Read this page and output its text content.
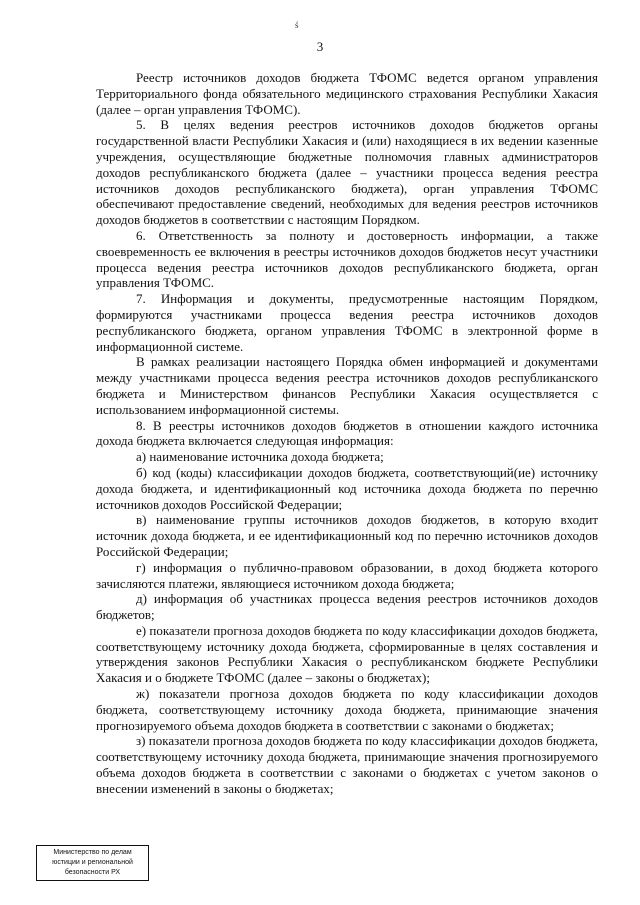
ś
3

Реестр источников доходов бюджета ТФОМС ведется органом управления Территориального фонда обязательного медицинского страхования Республики Хакасия (далее – орган управления ТФОМС).

5. В целях ведения реестров источников доходов бюджетов органы государственной власти Республики Хакасия и (или) находящиеся в их ведении казенные учреждения, осуществляющие бюджетные полномочия главных администраторов доходов республиканского бюджета (далее – участники процесса ведения реестра источников доходов республиканского бюджета), орган управления ТФОМС обеспечивают предоставление сведений, необходимых для ведения реестров источников доходов бюджетов в соответствии с настоящим Порядком.

6. Ответственность за полноту и достоверность информации, а также своевременность ее включения в реестры источников доходов бюджетов несут участники процесса ведения реестра источников доходов республиканского бюджета, орган управления ТФОМС.

7. Информация и документы, предусмотренные настоящим Порядком, формируются участниками процесса ведения реестра источников доходов республиканского бюджета, органом управления ТФОМС в электронной форме в информационной системе.

В рамках реализации настоящего Порядка обмен информацией и документами между участниками процесса ведения реестра источников доходов республиканского бюджета и Министерством финансов Республики Хакасия осуществляется с использованием информационной системы.

8. В реестры источников доходов бюджетов в отношении каждого источника дохода бюджета включается следующая информация:

а) наименование источника дохода бюджета;

б) код (коды) классификации доходов бюджета, соответствующий(ие) источнику дохода бюджета, и идентификационный код источника дохода бюджета по перечню источников доходов Российской Федерации;

в) наименование группы источников доходов бюджетов, в которую входит источник дохода бюджета, и ее идентификационный код по перечню источников доходов Российской Федерации;

г) информация о публично-правовом образовании, в доход бюджета которого зачисляются платежи, являющиеся источником дохода бюджета;

д) информация об участниках процесса ведения реестров источников доходов бюджетов;

е) показатели прогноза доходов бюджета по коду классификации доходов бюджета, соответствующему источнику дохода бюджета, сформированные в целях составления и утверждения законов Республики Хакасия о республиканском бюджете Республики Хакасия и о бюджете ТФОМС (далее – законы о бюджетах);

ж) показатели прогноза доходов бюджета по коду классификации доходов бюджета, соответствующему источнику дохода бюджета, принимающие значения прогнозируемого объема доходов бюджета в соответствии с законами о бюджетах;

з) показатели прогноза доходов бюджета по коду классификации доходов бюджета, соответствующему источнику дохода бюджета, принимающие значения прогнозируемого объема доходов бюджета в соответствии с законами о бюджетах с учетом законов о внесении изменений в законы о бюджетах;

Министерство по делам
юстиции и региональной
безопасности РХ
